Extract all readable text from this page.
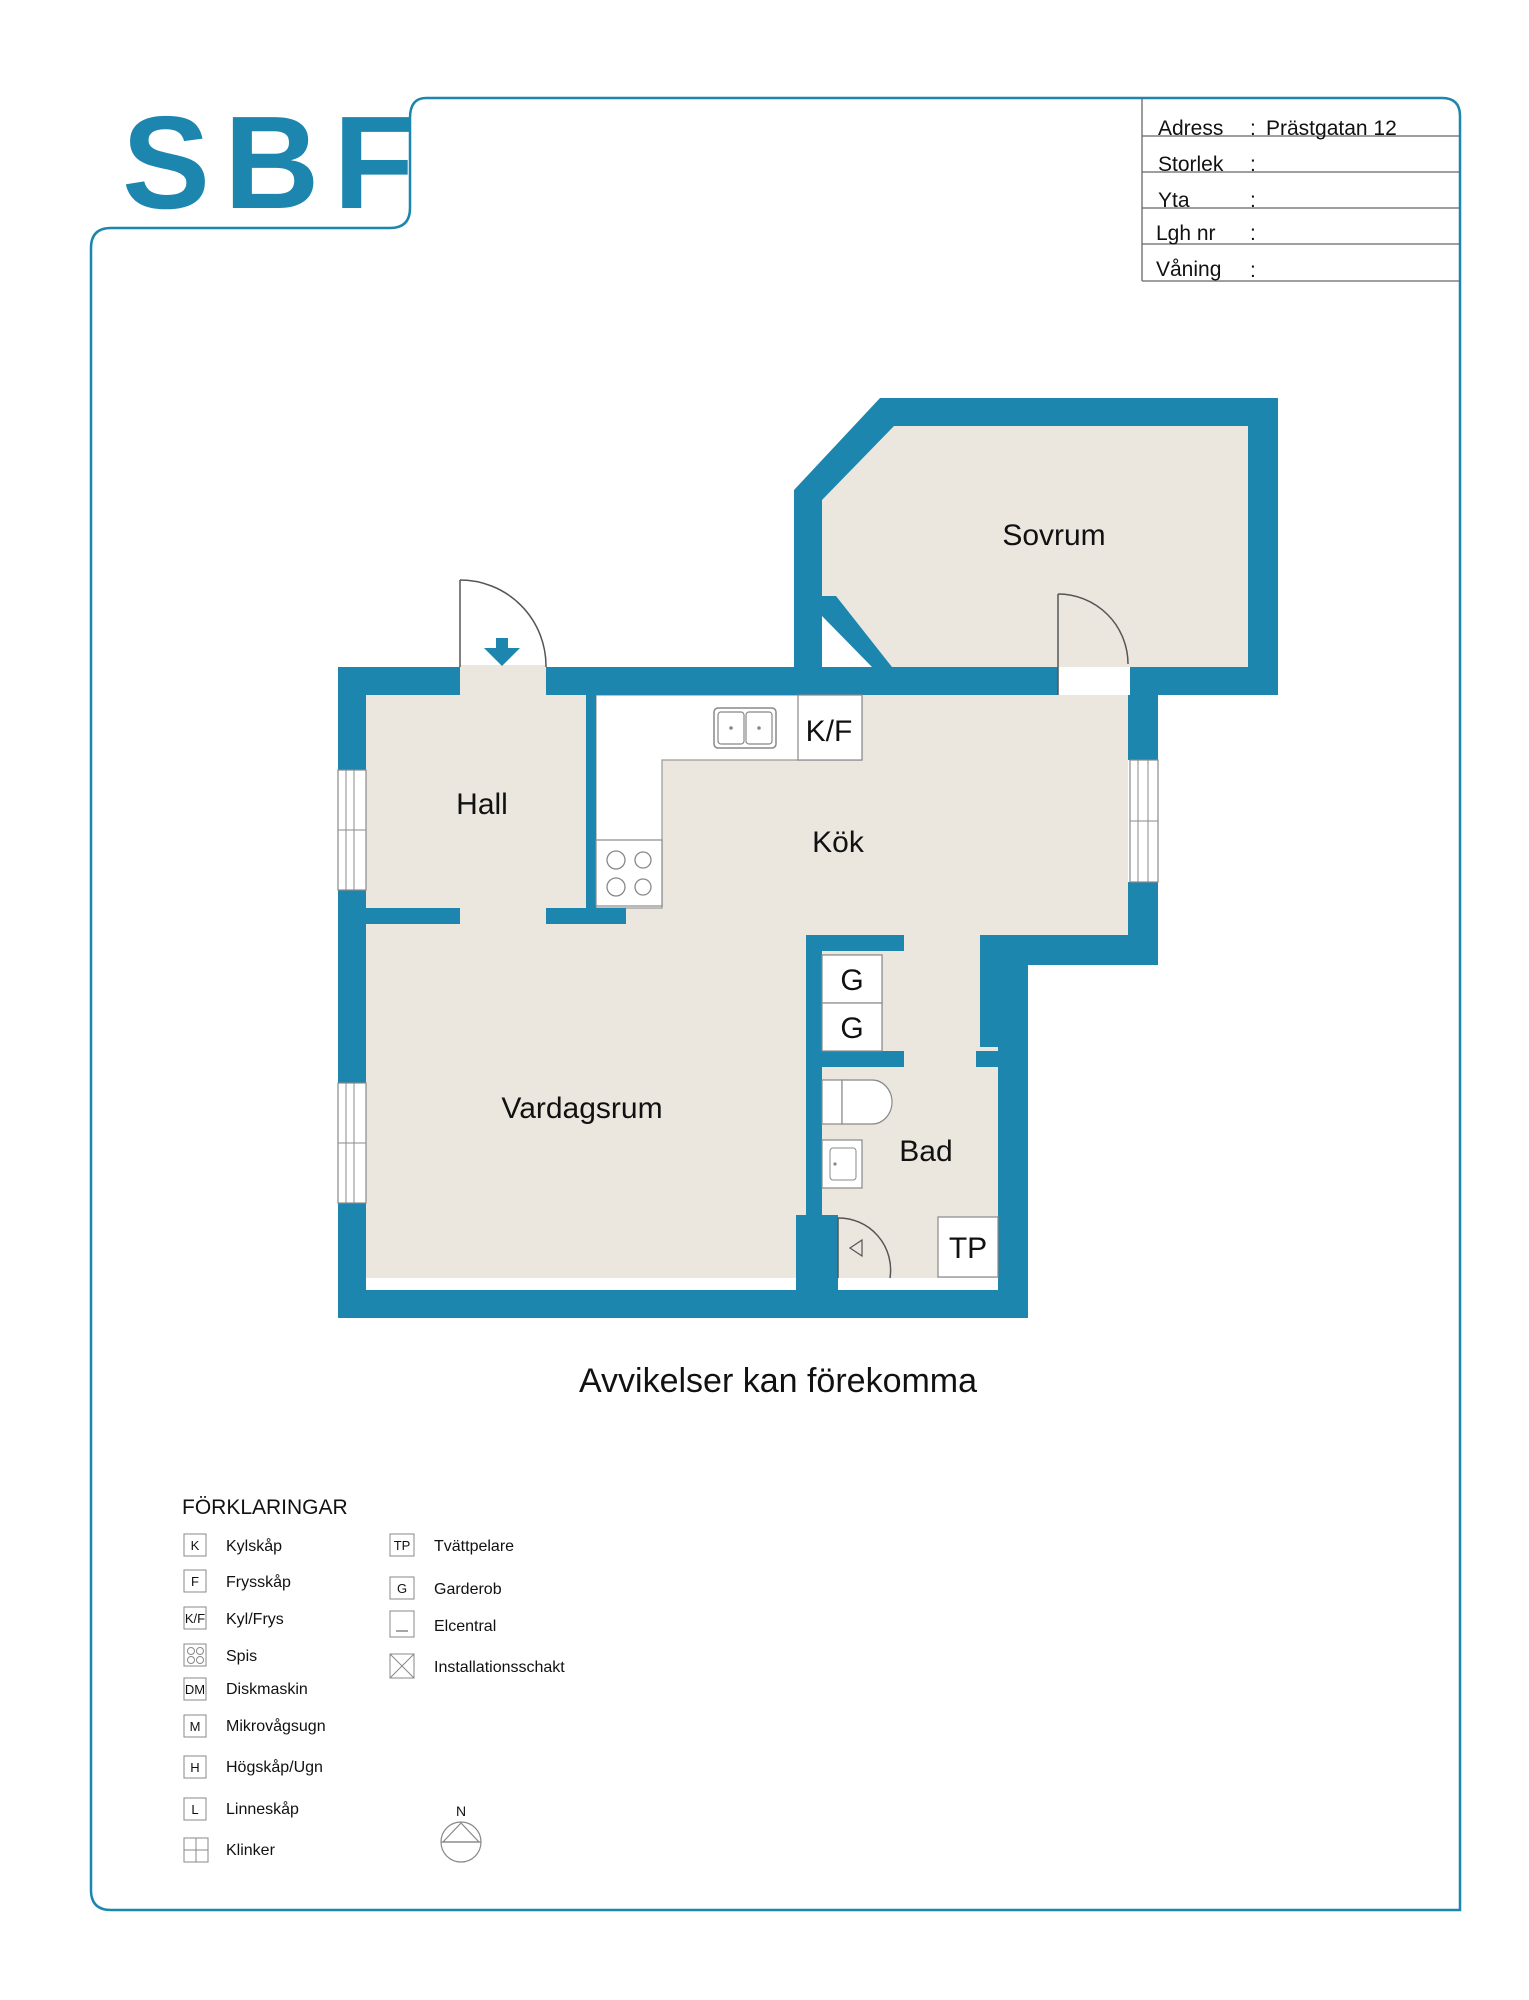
SBF	Adress : Prästgatan 12
Storlek :
Yta	:
Lgh nr :
Våning :
K/F
G
G
TP
Sovrum
Hall
Kök
Vardagsrum
Bad
Avvikelser kan förekomma
FÖRKLARINGAR
K Kylskåp
F Frysskåp
K/F Kyl/Frys
Spis
DM Diskmaskin
M Mikrovågsugn
H Högskåp/Ugn
L Linneskåp
Klinker
TP Tvättpelare
G Garderob
Elcentral
Installationsschakt
N
